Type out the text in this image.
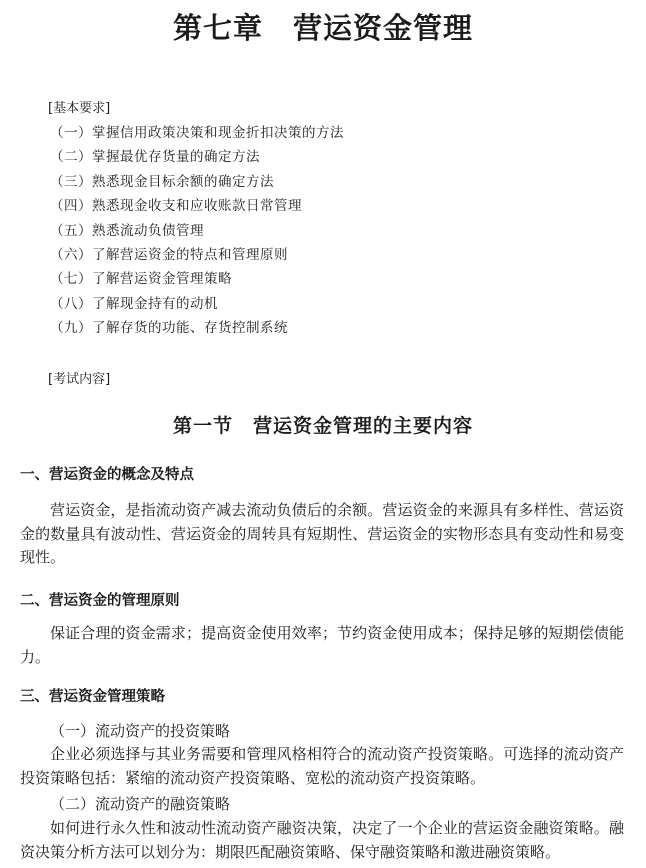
第七章　营运资金管理

[基本要求]

（一）掌握信用政策决策和现金折扣决策的方法
（二）掌握最优存货量的确定方法
（三）熟悉现金目标余额的确定方法
（四）熟悉现金收支和应收账款日常管理
（五）熟悉流动负债管理
（六）了解营运资金的特点和管理原则
（七）了解营运资金管理策略
（八）了解现金持有的动机
（九）了解存货的功能、存货控制系统

[考试内容]

第一节　营运资金管理的主要内容
一、营运资金的概念及特点

营运资金，是指流动资产减去流动负债后的余额。营运资金的来源具有多样性、营运资金的数量具有波动性、营运资金的周转具有短期性、营运资金的实物形态具有变动性和易变现性。

二、营运资金的管理原则

保证合理的资金需求；提高资金使用效率；节约资金使用成本；保持足够的短期偿债能力。

三、营运资金管理策略

（一）流动资产的投资策略

企业必须选择与其业务需要和管理风格相符合的流动资产投资策略。可选择的流动资产投资策略包括：紧缩的流动资产投资策略、宽松的流动资产投资策略。

（二）流动资产的融资策略

如何进行永久性和波动性流动资产融资决策，决定了一个企业的营运资金融资策略。融资决策分析方法可以划分为：期限匹配融资策略、保守融资策略和激进融资策略。
